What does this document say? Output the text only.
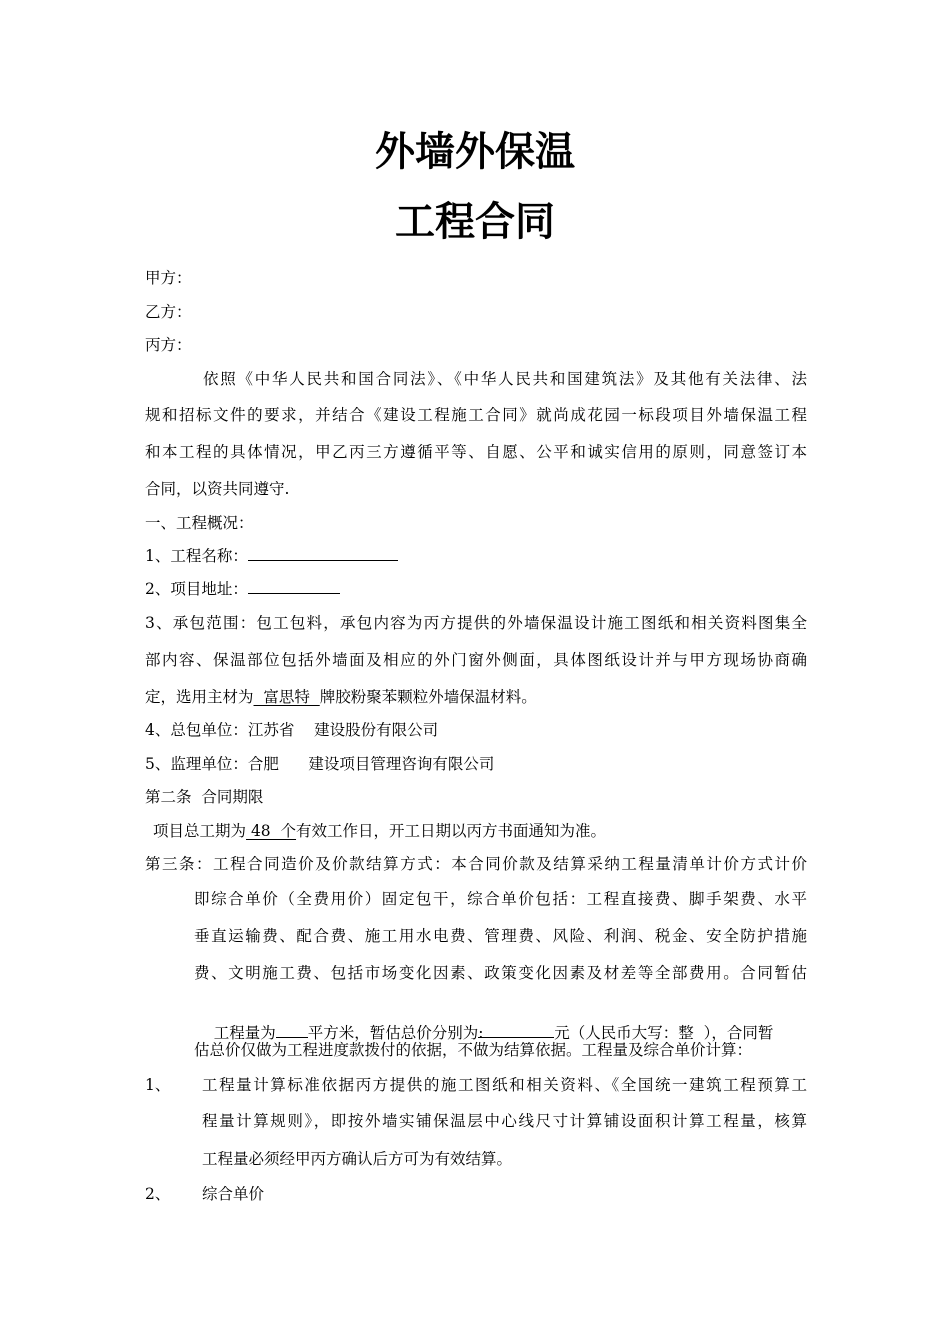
外墙外保温
工程合同
甲方：
乙方：
丙方：
依照《中华人民共和国合同法》、《中华人民共和国建筑法》及其他有关法律、法
规和招标文件的要求，并结合《建设工程施工合同》就尚成花园一标段项目外墙保温工程
和本工程的具体情况，甲乙丙三方遵循平等、自愿、公平和诚实信用的原则，同意签订本
合同，以资共同遵守.
一、工程概况：
1、工程名称：
2、项目地址：
3、承包范围：包工包料，承包内容为丙方提供的外墙保温设计施工图纸和相关资料图集全
部内容、保温部位包括外墙面及相应的外门窗外侧面，具体图纸设计并与甲方现场协商确
定，选用主材为  富思特  牌胶粉聚苯颗粒外墙保温材料。
4、总包单位：江苏省    建设股份有限公司
5、监理单位：合肥      建设项目管理咨询有限公司
第二条  合同期限
项目总工期为 48  个有效工作日，开工日期以丙方书面通知为准。
第三条：工程合同造价及价款结算方式：本合同价款及结算采纳工程量清单计价方式计价
即综合单价（全费用价）固定包干，综合单价包括：工程直接费、脚手架费、水平
垂直运输费、配合费、施工用水电费、管理费、风险、利润、税金、安全防护措施
费、文明施工费、包括市场变化因素、政策变化因素及材差等全部费用。合同暂估

工程量为 平方米，暂估总价分别为:	元（人民币大写：整  ），合同暂

估总价仅做为工程进度款拨付的依据，不做为结算依据。工程量及综合单价计算：
1、 工程量计算标准依据丙方提供的施工图纸和相关资料、《全国统一建筑工程预算工
程量计算规则》，即按外墙实铺保温层中心线尺寸计算铺设面积计算工程量，核算
工程量必须经甲丙方确认后方可为有效结算。
2、 综合单价
